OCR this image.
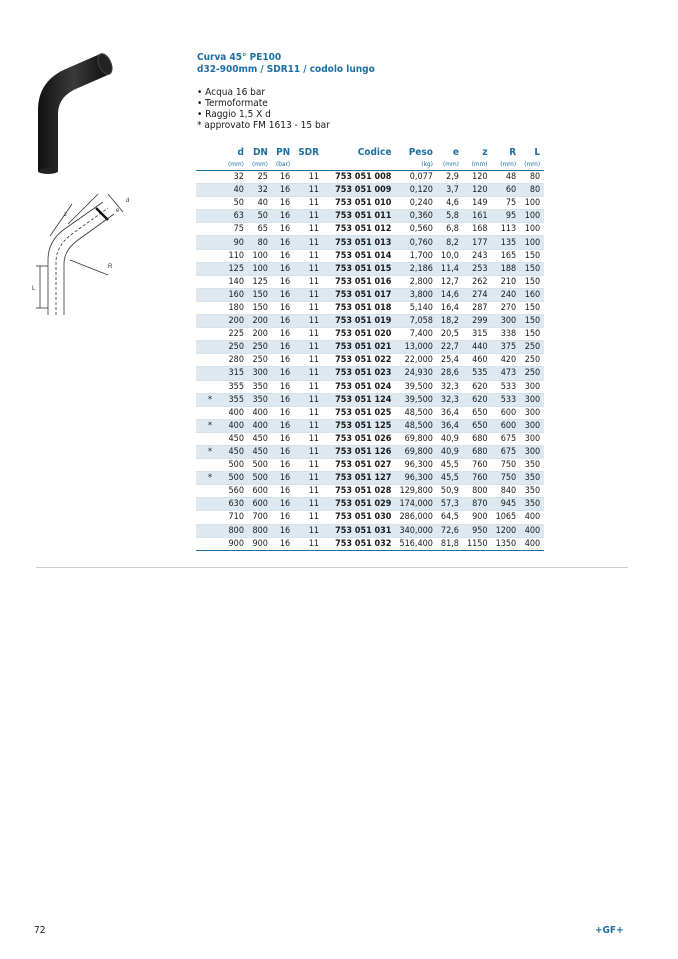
d
e
z
R
L
Curva 45° PE100
d32-900mm / SDR11 / codolo lungo
• Acqua 16 bar
• Termoformate
• Raggio 1,5 X d
* approvato FM 1613 - 15 bar
	d	DN	PN	SDR	Codice	Peso	e	z	R	L
	(mm)	(mm)	(bar)			(kg)	(mm)	(mm)	(mm)	(mm)
	32	25	16	11	753 051 008	0,077	2,9	120	48	80
	40	32	16	11	753 051 009	0,120	3,7	120	60	80
	50	40	16	11	753 051 010	0,240	4,6	149	75	100
	63	50	16	11	753 051 011	0,360	5,8	161	95	100
	75	65	16	11	753 051 012	0,560	6,8	168	113	100
	90	80	16	11	753 051 013	0,760	8,2	177	135	100
	110	100	16	11	753 051 014	1,700	10,0	243	165	150
	125	100	16	11	753 051 015	2,186	11,4	253	188	150
	140	125	16	11	753 051 016	2,800	12,7	262	210	150
	160	150	16	11	753 051 017	3,800	14,6	274	240	160
	180	150	16	11	753 051 018	5,140	16,4	287	270	150
	200	200	16	11	753 051 019	7,058	18,2	299	300	150
	225	200	16	11	753 051 020	7,400	20,5	315	338	150
	250	250	16	11	753 051 021	13,000	22,7	440	375	250
	280	250	16	11	753 051 022	22,000	25,4	460	420	250
	315	300	16	11	753 051 023	24,930	28,6	535	473	250
	355	350	16	11	753 051 024	39,500	32,3	620	533	300
*	355	350	16	11	753 051 124	39,500	32,3	620	533	300
	400	400	16	11	753 051 025	48,500	36,4	650	600	300
*	400	400	16	11	753 051 125	48,500	36,4	650	600	300
	450	450	16	11	753 051 026	69,800	40,9	680	675	300
*	450	450	16	11	753 051 126	69,800	40,9	680	675	300
	500	500	16	11	753 051 027	96,300	45,5	760	750	350
*	500	500	16	11	753 051 127	96,300	45,5	760	750	350
	560	600	16	11	753 051 028	129,800	50,9	800	840	350
	630	600	16	11	753 051 029	174,000	57,3	870	945	350
	710	700	16	11	753 051 030	286,000	64,5	900	1065	400
	800	800	16	11	753 051 031	340,000	72,6	950	1200	400
	900	900	16	11	753 051 032	516,400	81,8	1150	1350	400
72	+GF+
